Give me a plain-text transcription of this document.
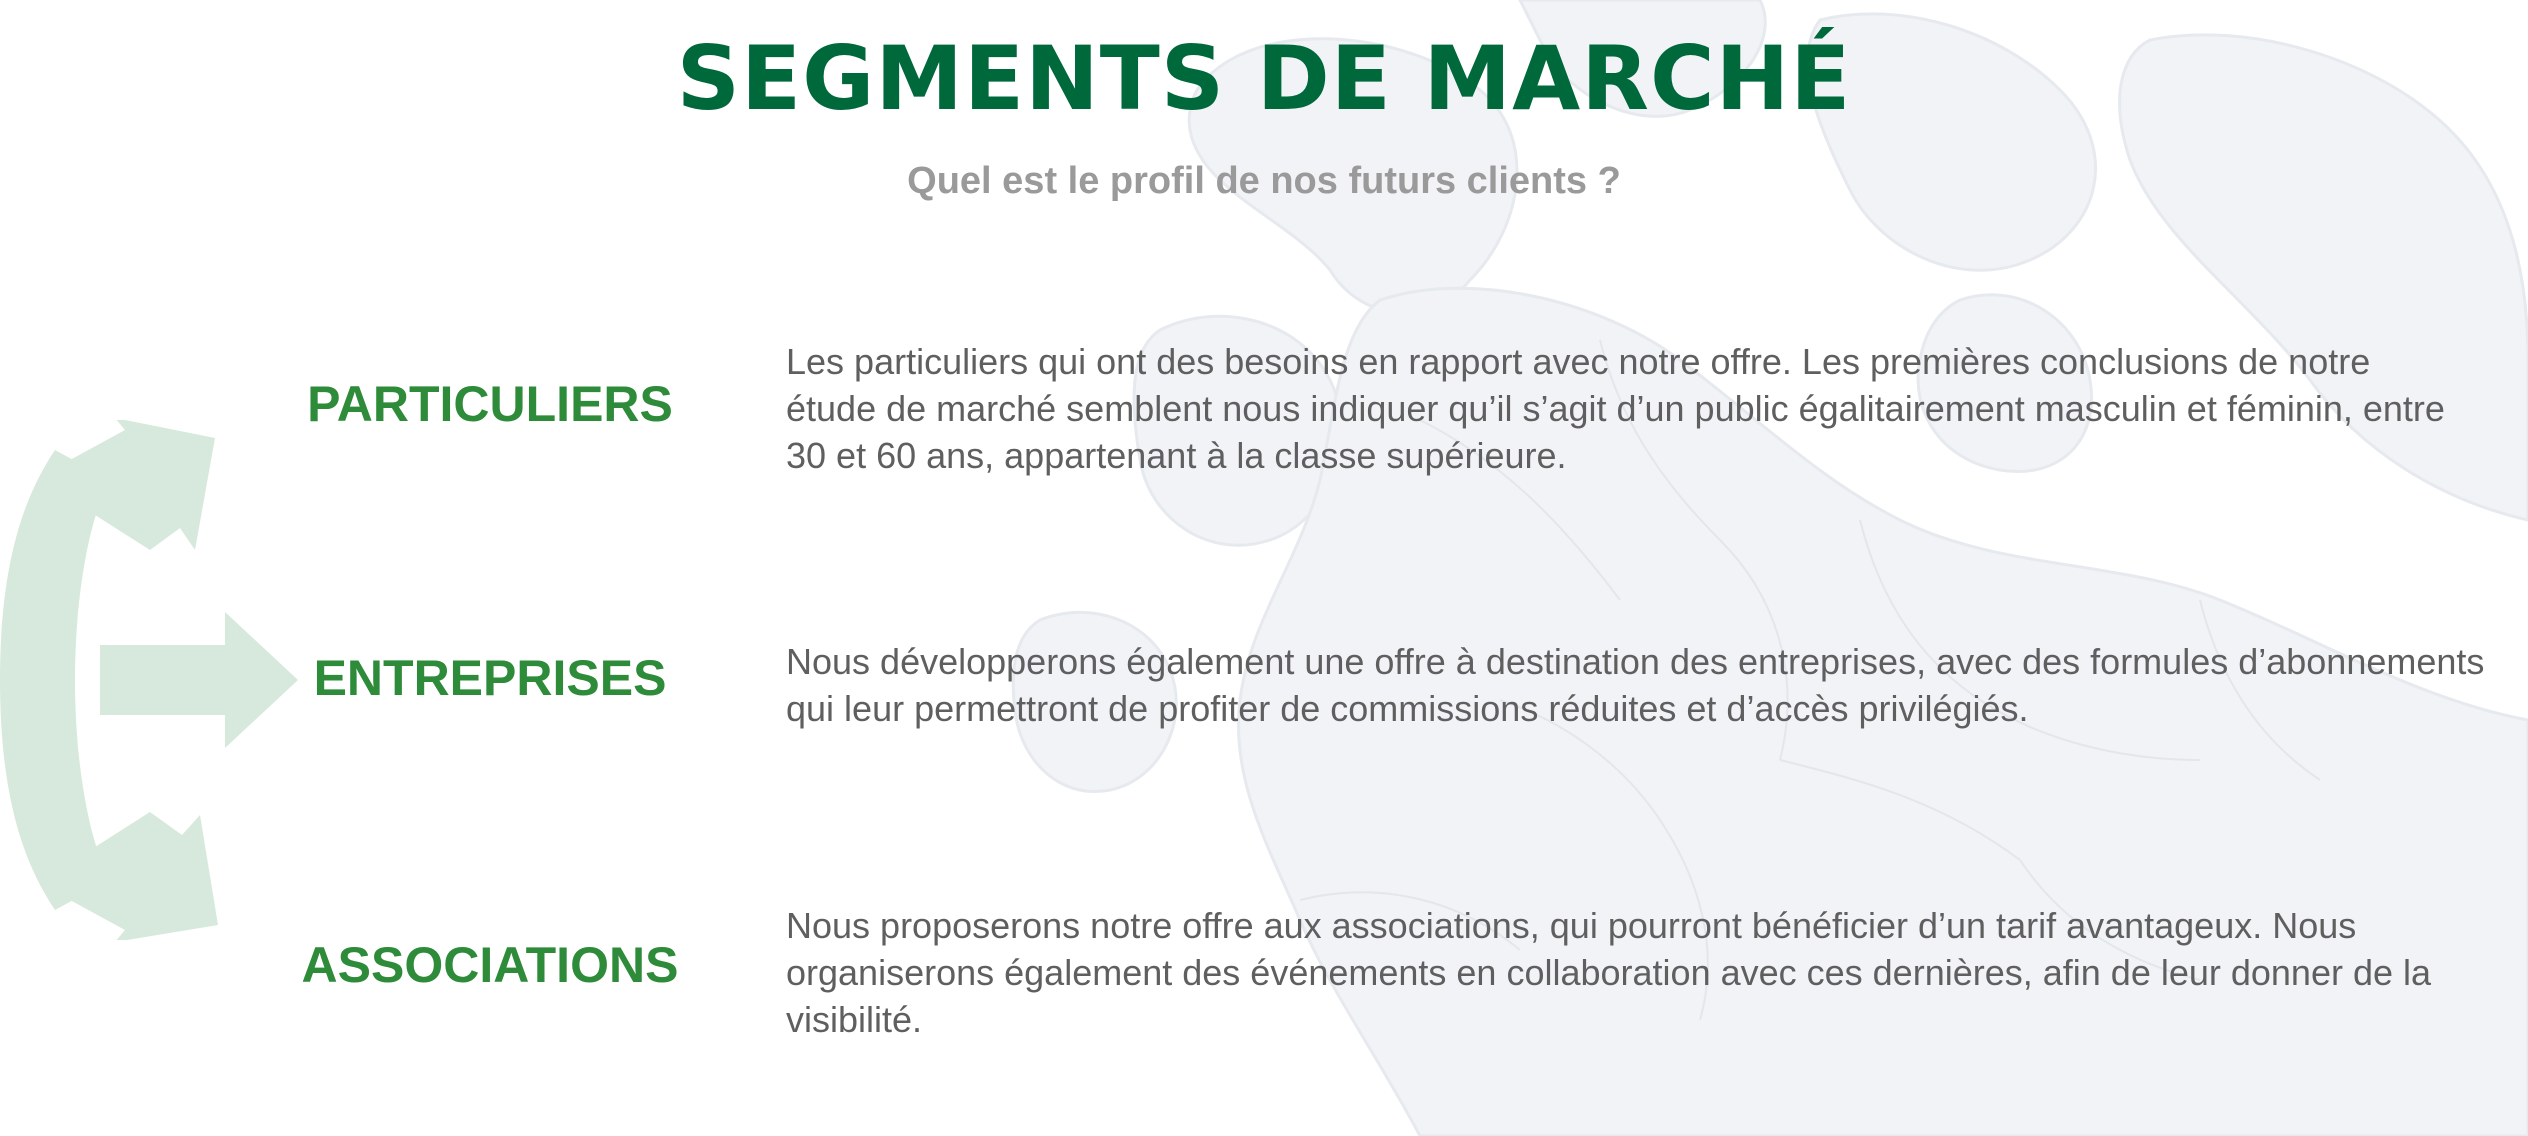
SEGMENTS DE MARCHÉ

Quel est le profil de nos futurs clients ?

PARTICULIERS
Les particuliers qui ont des besoins en rapport avec notre offre. Les premières conclusions de notre étude de marché semblent nous indiquer qu’il s’agit d’un public égalitairement masculin et féminin, entre 30 et 60 ans, appartenant à la classe supérieure.
ENTREPRISES	Nous développerons également une offre à destination des entreprises, avec des formules d’abonnements qui leur permettront de profiter de commissions réduites et d’accès privilégiés.
ASSOCIATIONS
Nous proposerons notre offre aux associations, qui pourront bénéficier d’un tarif avantageux. Nous organiserons également des événements en collaboration avec ces dernières, afin de leur donner de la visibilité.
